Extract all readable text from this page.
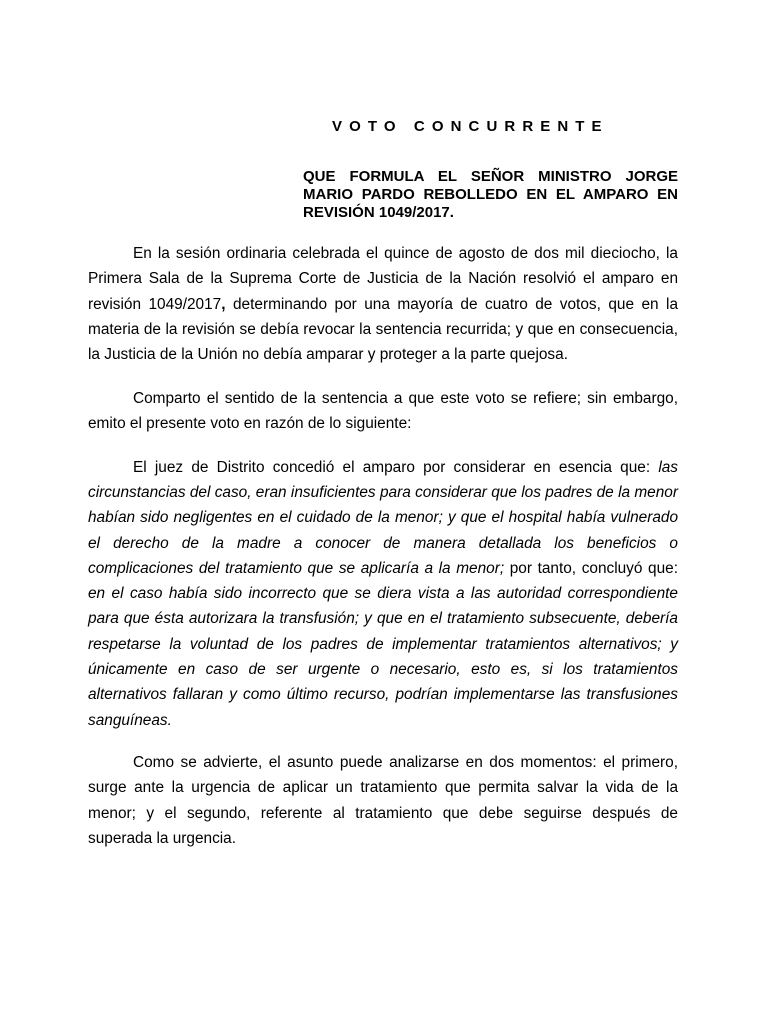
VOTO CONCURRENTE

QUE FORMULA EL SEÑOR MINISTRO JORGE MARIO PARDO REBOLLEDO EN EL AMPARO EN REVISIÓN 1049/2017.

En la sesión ordinaria celebrada el quince de agosto de dos mil dieciocho, la Primera Sala de la Suprema Corte de Justicia de la Nación resolvió el amparo en revisión 1049/2017, determinando por una mayoría de cuatro de votos, que en la materia de la revisión se debía revocar la sentencia recurrida; y que en consecuencia, la Justicia de la Unión no debía amparar y proteger a la parte quejosa.

Comparto el sentido de la sentencia a que este voto se refiere; sin embargo, emito el presente voto en razón de lo siguiente:

El juez de Distrito concedió el amparo por considerar en esencia que: las circunstancias del caso, eran insuficientes para considerar que los padres de la menor habían sido negligentes en el cuidado de la menor; y que el hospital había vulnerado el derecho de la madre a conocer de manera detallada los beneficios o complicaciones del tratamiento que se aplicaría a la menor; por tanto, concluyó que: en el caso había sido incorrecto que se diera vista a las autoridad correspondiente para que ésta autorizara la transfusión; y que en el tratamiento subsecuente, debería respetarse la voluntad de los padres de implementar tratamientos alternativos; y únicamente en caso de ser urgente o necesario, esto es, si los tratamientos alternativos fallaran y como último recurso, podrían implementarse las transfusiones sanguíneas.

Como se advierte, el asunto puede analizarse en dos momentos: el primero, surge ante la urgencia de aplicar un tratamiento que permita salvar la vida de la menor; y el segundo, referente al tratamiento que debe seguirse después de superada la urgencia.
